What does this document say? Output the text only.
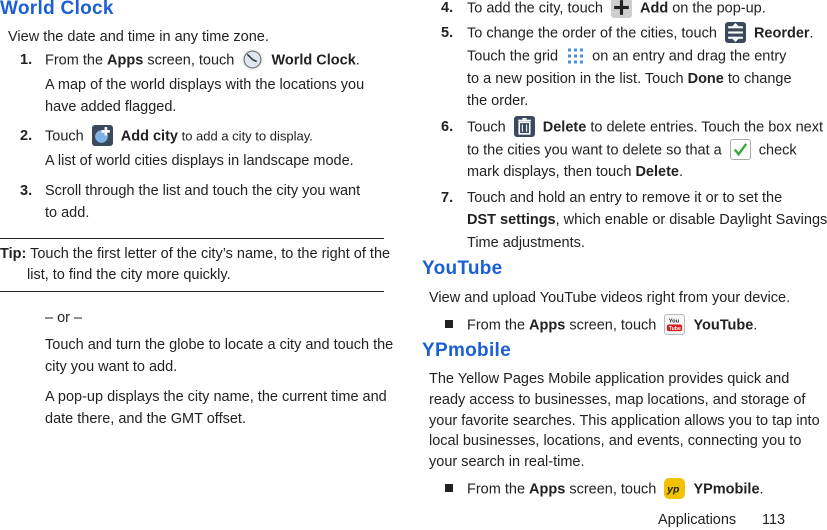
World Clock
View the date and time in any time zone.
1. From the Apps screen, touch
World Clock.
A map of the world displays with the locations you
have added flagged.
2. Touch
Add city to add a city to display.
A list of world cities displays in landscape mode.
3. Scroll through the list and touch the city you want
to add.
Tip: Touch the first letter of the city’s name, to the right of the
list, to find the city more quickly.
– or –
Touch and turn the globe to locate a city and touch the
city you want to add.
A pop-up displays the city name, the current time and
date there, and the GMT offset.
4. To add the city, touch
Add on the pop-up.
5. To change the order of the cities, touch
Reorder.
Touch the grid
on an entry and drag the entry
to a new position in the list. Touch Done to change
the order.
6. Touch
Delete to delete entries. Touch the box next
to the cities you want to delete so that a
check
mark displays, then touch Delete.
7. Touch and hold an entry to remove it or to set the
DST settings, which enable or disable Daylight Savings
Time adjustments.
YouTube
View and upload YouTube videos right from your device.
From the Apps screen, touch You
Tube YouTube.
YPmobile
The Yellow Pages Mobile application provides quick and
ready access to businesses, map locations, and storage of
your favorite searches. This application allows you to tap into
local businesses, locations, and events, connecting you to
your search in real-time.
From the Apps screen, touch yp YPmobile.
Applications 113
